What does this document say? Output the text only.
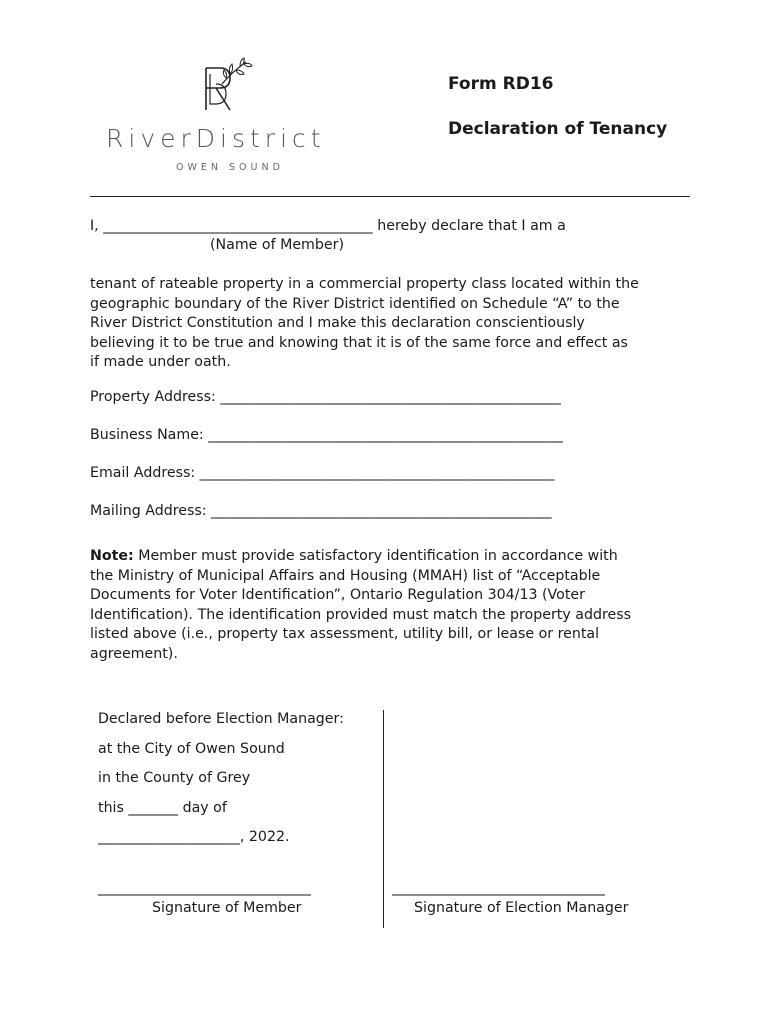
RiverDistrict
OWEN SOUND
Form RD16
Declaration of Tenancy
I, ______________________________________ hereby declare that I am a
(Name of Member)
tenant of rateable property in a commercial property class located within the
geographic boundary of the River District identified on Schedule “A” to the
River District Constitution and I make this declaration conscientiously
believing it to be true and knowing that it is of the same force and effect as
if made under oath.
Property Address: ________________________________________________
Business Name: __________________________________________________
Email Address: __________________________________________________
Mailing Address: ________________________________________________
Note: Member must provide satisfactory identification in accordance with
the Ministry of Municipal Affairs and Housing (MMAH) list of “Acceptable
Documents for Voter Identification”, Ontario Regulation 304/13 (Voter
Identification). The identification provided must match the property address
listed above (i.e., property tax assessment, utility bill, or lease or rental
agreement).
Declared before Election Manager:
at the City of Owen Sound
in the County of Grey
this _______ day of
____________________, 2022.
______________________________
Signature of Member
______________________________
Signature of Election Manager
